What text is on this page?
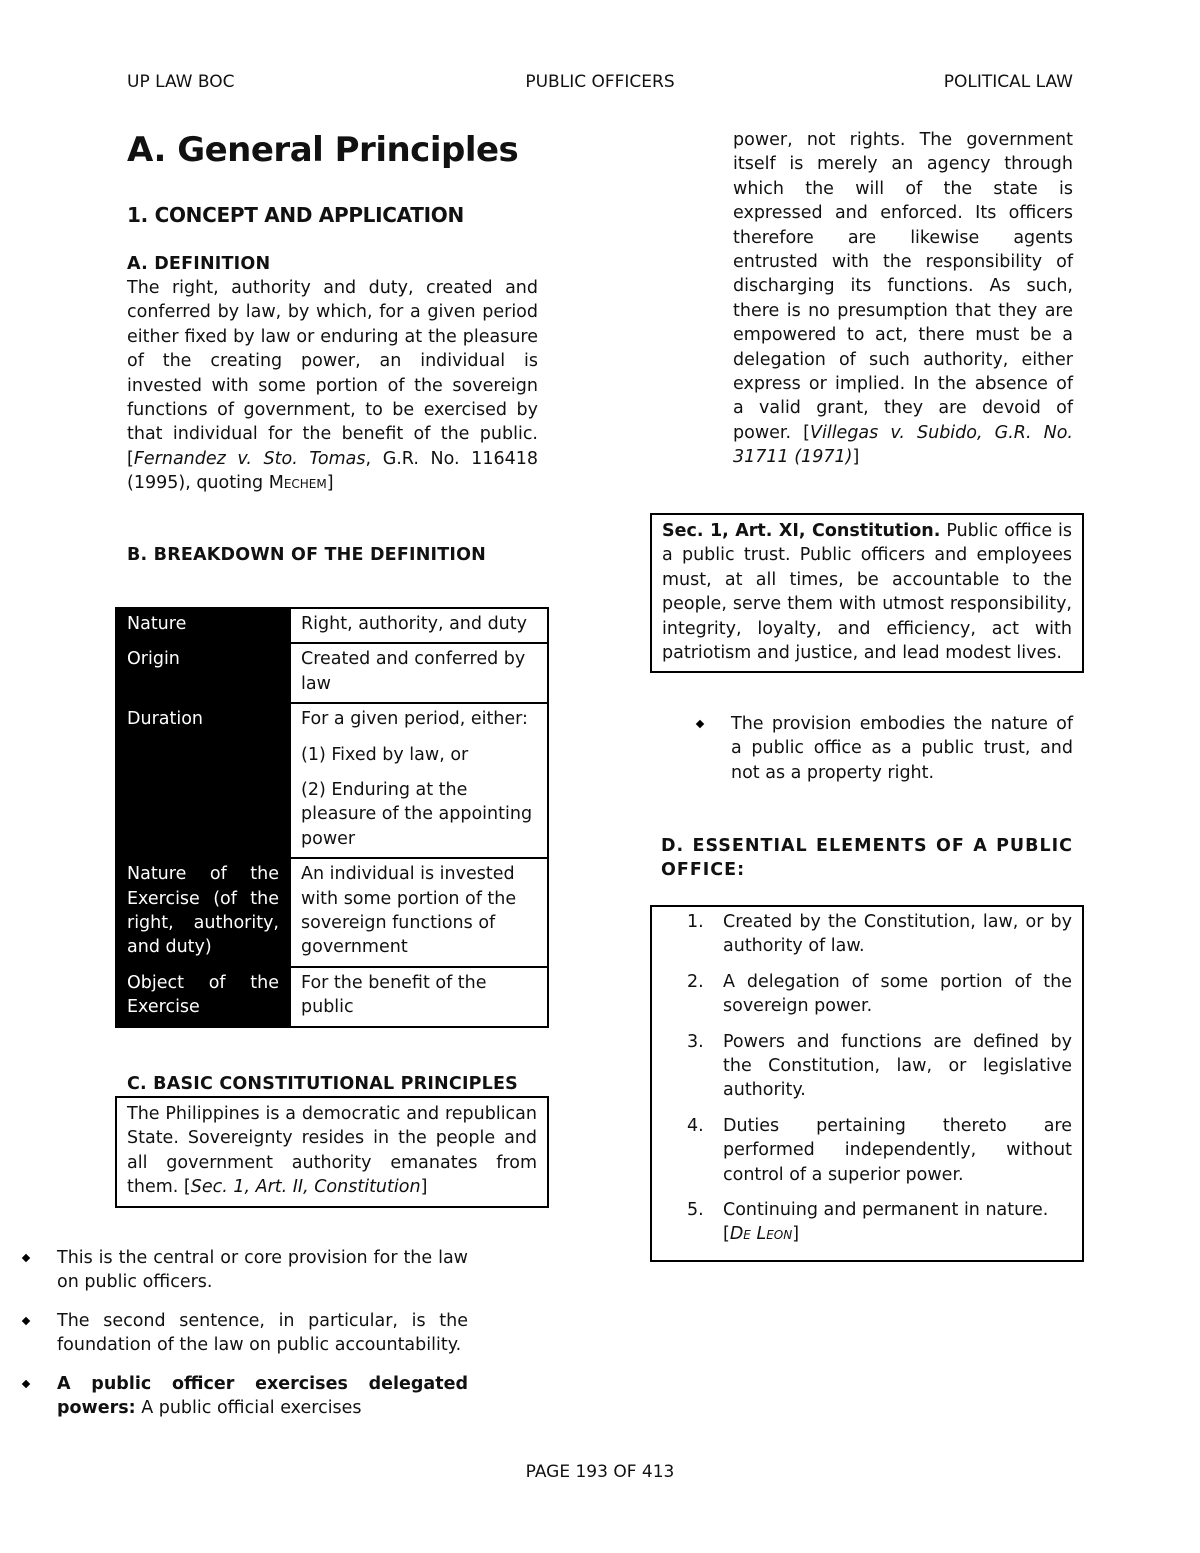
UP LAW BOC	PUBLIC OFFICERS	POLITICAL LAW
A. General Principles
1. CONCEPT AND APPLICATION
A. DEFINITION

The right, authority and duty, created and conferred by law, by which, for a given period either fixed by law or enduring at the pleasure of the creating power, an individual is invested with some portion of the sovereign functions of government, to be exercised by that individual for the benefit of the public. [Fernandez v. Sto. Tomas, G.R. No. 116418 (1995), quoting Mechem]

B. BREAKDOWN OF THE DEFINITION
Nature	Right, authority, and duty

Origin	Created and conferred by law

Duration	For a given period, either:

(1) Fixed by law, or

(2) Enduring at the pleasure of the appointing power

Nature of the Exercise (of the right, authority, and duty)	An individual is invested with some portion of the sovereign functions of government

Object of the Exercise	For the benefit of the public

C. BASIC CONSTITUTIONAL PRINCIPLES

The Philippines is a democratic and republican State. Sovereignty resides in the people and all government authority emanates from them. [Sec. 1, Art. II, Constitution]

This is the central or core provision for the law on public officers.
The second sentence, in particular, is the foundation of the law on public accountability.
A public officer exercises delegated powers: A public official exercises

power, not rights. The government itself is merely an agency through which the will of the state is expressed and enforced. Its officers therefore are likewise agents entrusted with the responsibility of discharging its functions. As such, there is no presumption that they are empowered to act, there must be a delegation of such authority, either express or implied. In the absence of a valid grant, they are devoid of power. [Villegas v. Subido, G.R. No. 31711 (1971)]

Sec. 1, Art. XI, Constitution. Public office is a public trust. Public officers and employees must, at all times, be accountable to the people, serve them with utmost responsibility, integrity, loyalty, and efficiency, act with patriotism and justice, and lead modest lives.

The provision embodies the nature of a public office as a public trust, and not as a property right.
D. ESSENTIAL ELEMENTS OF A PUBLIC OFFICE:
1. Created by the Constitution, law, or by authority of law.
2. A delegation of some portion of the sovereign power.
3. Powers and functions are defined by the Constitution, law, or legislative authority.
4. Duties pertaining thereto are performed independently, without control of a superior power.
5. Continuing and permanent in nature.
[De Leon]
PAGE 193 OF 413
